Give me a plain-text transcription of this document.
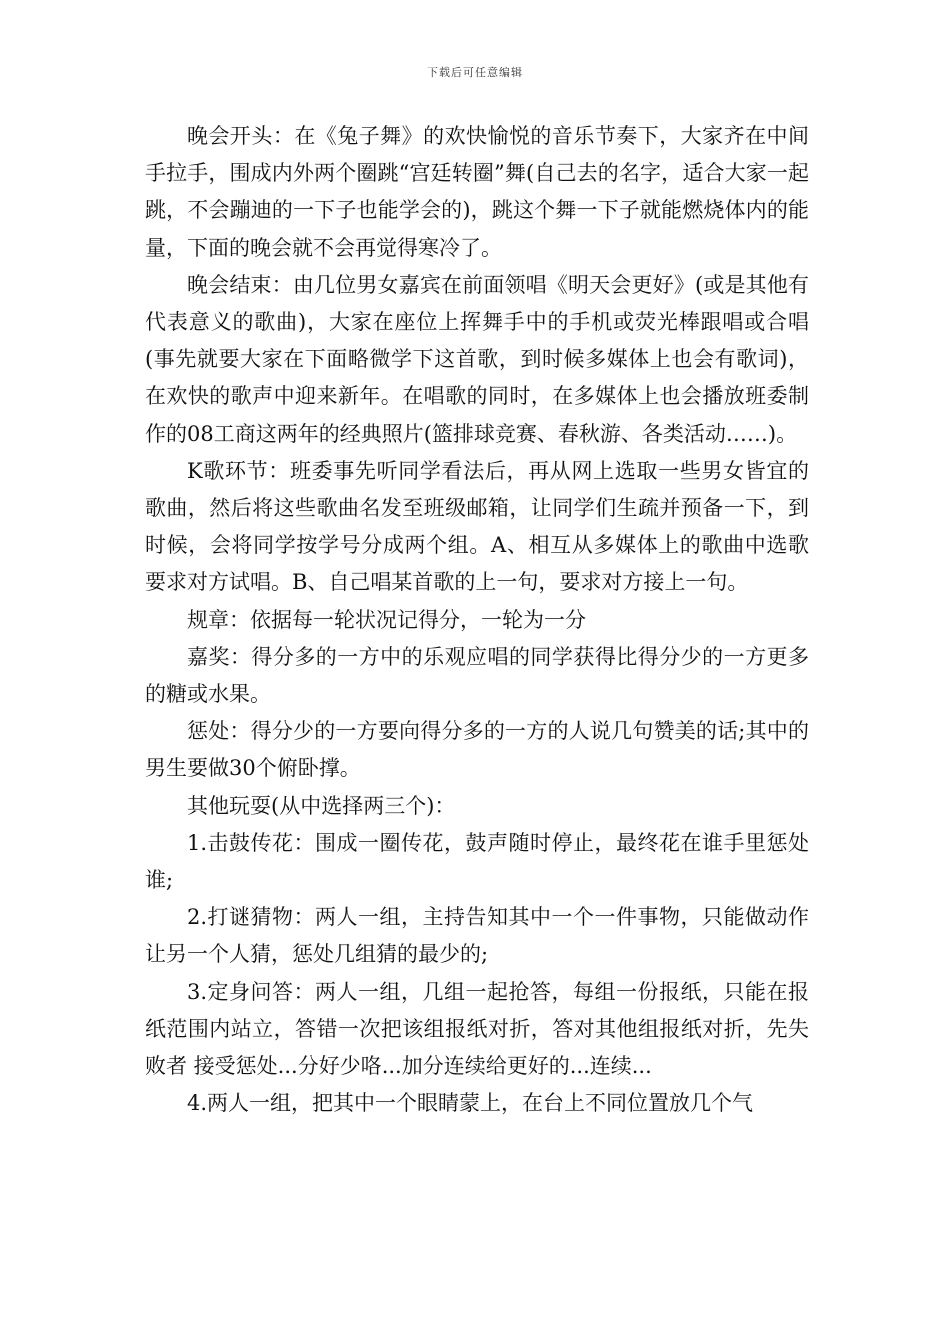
下载后可任意编辑

晚会开头：在《兔子舞》的欢快愉悦的音乐节奏下，大家齐在中间手拉手，围成内外两个圈跳“宫廷转圈”舞(自己去的名字，适合大家一起跳，不会蹦迪的一下子也能学会的)，跳这个舞一下子就能燃烧体内的能量，下面的晚会就不会再觉得寒冷了。

晚会结束：由几位男女嘉宾在前面领唱《明天会更好》(或是其他有代表意义的歌曲)，大家在座位上挥舞手中的手机或荧光棒跟唱或合唱(事先就要大家在下面略微学下这首歌，到时候多媒体上也会有歌词)，在欢快的歌声中迎来新年。在唱歌的同时，在多媒体上也会播放班委制作的08工商这两年的经典照片(篮排球竞赛、春秋游、各类活动……)。

K歌环节：班委事先听同学看法后，再从网上选取一些男女皆宜的歌曲，然后将这些歌曲名发至班级邮箱，让同学们生疏并预备一下，到时候，会将同学按学号分成两个组。A、相互从多媒体上的歌曲中选歌要求对方试唱。B、自己唱某首歌的上一句，要求对方接上一句。

规章：依据每一轮状况记得分，一轮为一分

嘉奖：得分多的一方中的乐观应唱的同学获得比得分少的一方更多的糖或水果。

惩处：得分少的一方要向得分多的一方的人说几句赞美的话;其中的男生要做30个俯卧撑。

其他玩耍(从中选择两三个)：

1.击鼓传花：围成一圈传花，鼓声随时停止，最终花在谁手里惩处谁;

2.打谜猜物：两人一组，主持告知其中一个一件事物，只能做动作让另一个人猜，惩处几组猜的最少的;

3.定身问答：两人一组，几组一起抢答，每组一份报纸，只能在报纸范围内站立，答错一次把该组报纸对折，答对其他组报纸对折，先失败者 接受惩处...分好少咯...加分连续给更好的...连续...

4.两人一组，把其中一个眼睛蒙上，在台上不同位置放几个气
